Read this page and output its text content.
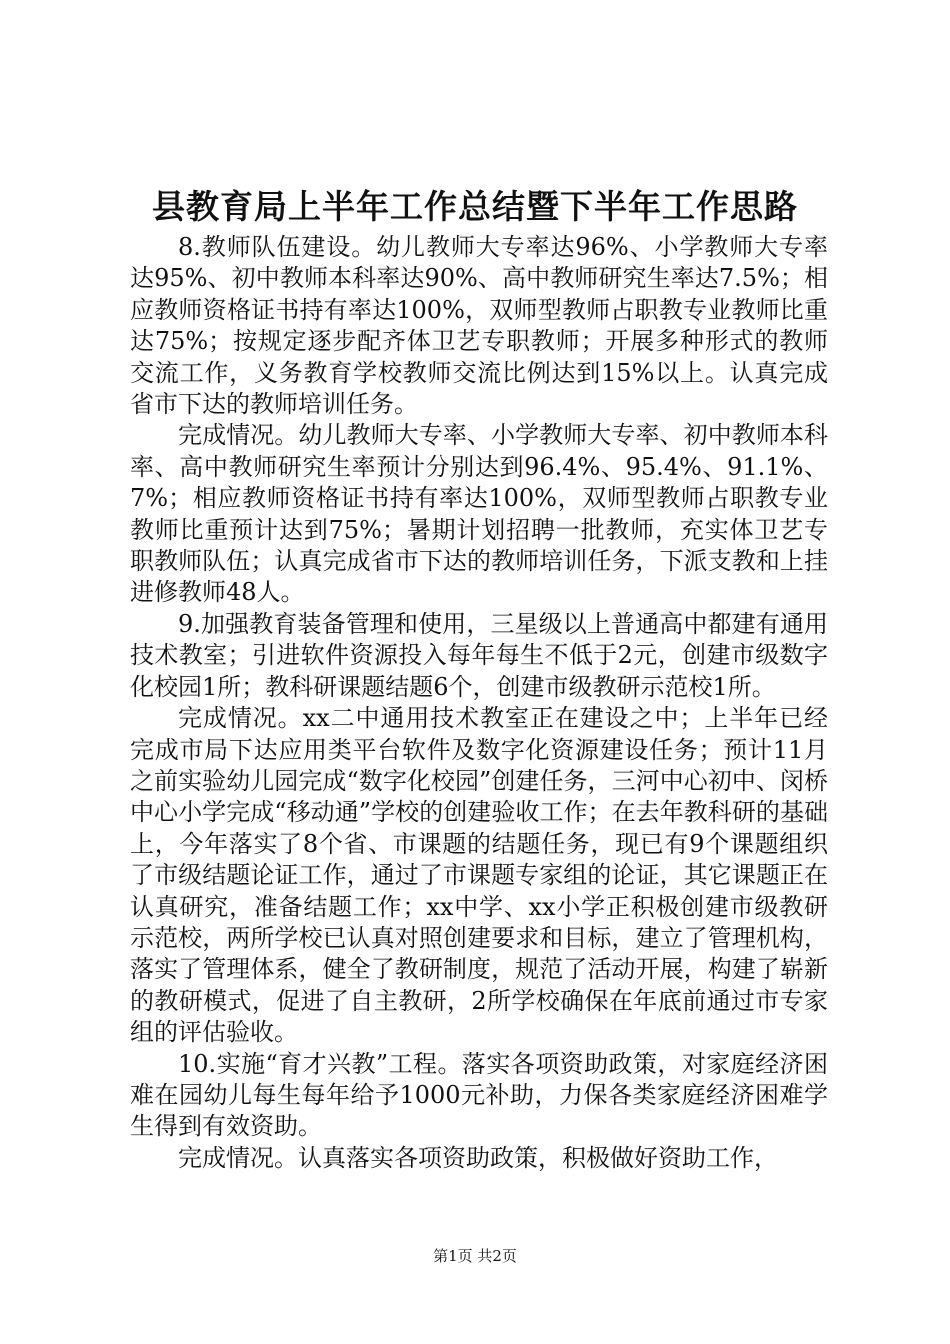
县教育局上半年工作总结暨下半年工作思路

8.教师队伍建设。幼儿教师大专率达96%、小学教师大专率达95%、初中教师本科率达90%、高中教师研究生率达7.5%；相应教师资格证书持有率达100%，双师型教师占职教专业教师比重达75%；按规定逐步配齐体卫艺专职教师；开展多种形式的教师交流工作，义务教育学校教师交流比例达到15%以上。认真完成省市下达的教师培训任务。

完成情况。幼儿教师大专率、小学教师大专率、初中教师本科率、高中教师研究生率预计分别达到96.4%、95.4%、91.1%、7%；相应教师资格证书持有率达100%，双师型教师占职教专业教师比重预计达到75%；暑期计划招聘一批教师，充实体卫艺专职教师队伍；认真完成省市下达的教师培训任务，下派支教和上挂进修教师48人。

9.加强教育装备管理和使用，三星级以上普通高中都建有通用技术教室；引进软件资源投入每年每生不低于2元，创建市级数字化校园1所；教科研课题结题6个，创建市级教研示范校1所。

完成情况。xx二中通用技术教室正在建设之中；上半年已经完成市局下达应用类平台软件及数字化资源建设任务；预计11月之前实验幼儿园完成“数字化校园”创建任务，三河中心初中、闵桥中心小学完成“移动通”学校的创建验收工作；在去年教科研的基础上，今年落实了8个省、市课题的结题任务，现已有9个课题组织了市级结题论证工作，通过了市课题专家组的论证，其它课题正在认真研究，准备结题工作；xx中学、xx小学正积极创建市级教研示范校，两所学校已认真对照创建要求和目标，建立了管理机构，落实了管理体系，健全了教研制度，规范了活动开展，构建了崭新的教研模式，促进了自主教研，2所学校确保在年底前通过市专家组的评估验收。

10.实施“育才兴教”工程。落实各项资助政策，对家庭经济困难在园幼儿每生每年给予1000元补助，力保各类家庭经济困难学生得到有效资助。

完成情况。认真落实各项资助政策，积极做好资助工作，

第1页 共2页
